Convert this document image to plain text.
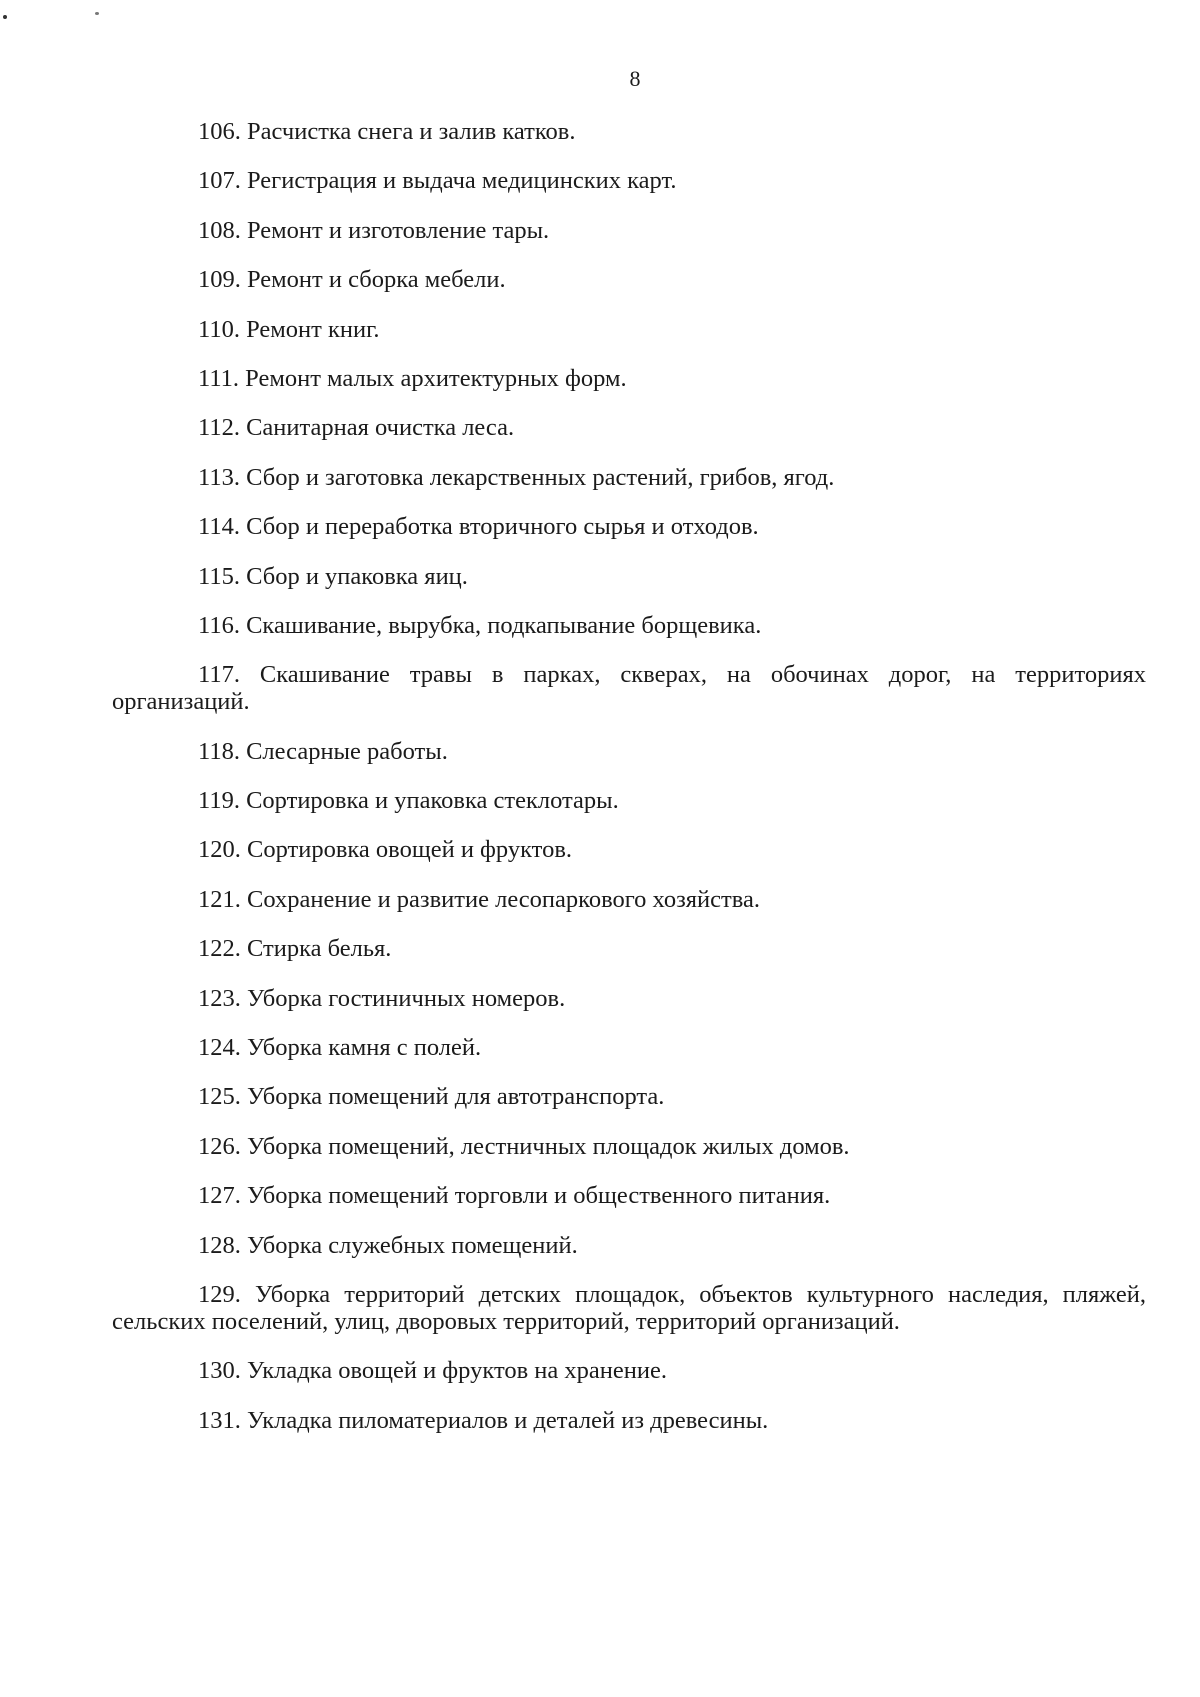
8
106. Расчистка снега и залив катков.
107. Регистрация и выдача медицинских карт.
108. Ремонт и изготовление тары.
109. Ремонт и сборка мебели.
110. Ремонт книг.
111. Ремонт малых архитектурных форм.
112. Санитарная очистка леса.
113. Сбор и заготовка лекарственных растений, грибов, ягод.
114. Сбор и переработка вторичного сырья и отходов.
115. Сбор и упаковка яиц.
116. Скашивание, вырубка, подкапывание борщевика.
117. Скашивание травы в парках, скверах, на обочинах дорог, на территориях организаций.
118. Слесарные работы.
119. Сортировка и упаковка стеклотары.
120. Сортировка овощей и фруктов.
121. Сохранение и развитие лесопаркового хозяйства.
122. Стирка белья.
123. Уборка гостиничных номеров.
124. Уборка камня с полей.
125. Уборка помещений для автотранспорта.
126. Уборка помещений, лестничных площадок жилых домов.
127. Уборка помещений торговли и общественного питания.
128. Уборка служебных помещений.
129. Уборка территорий детских площадок, объектов культурного наследия, пляжей, сельских поселений, улиц, дворовых территорий, территорий организаций.
130. Укладка овощей и фруктов на хранение.
131. Укладка пиломатериалов и деталей из древесины.
